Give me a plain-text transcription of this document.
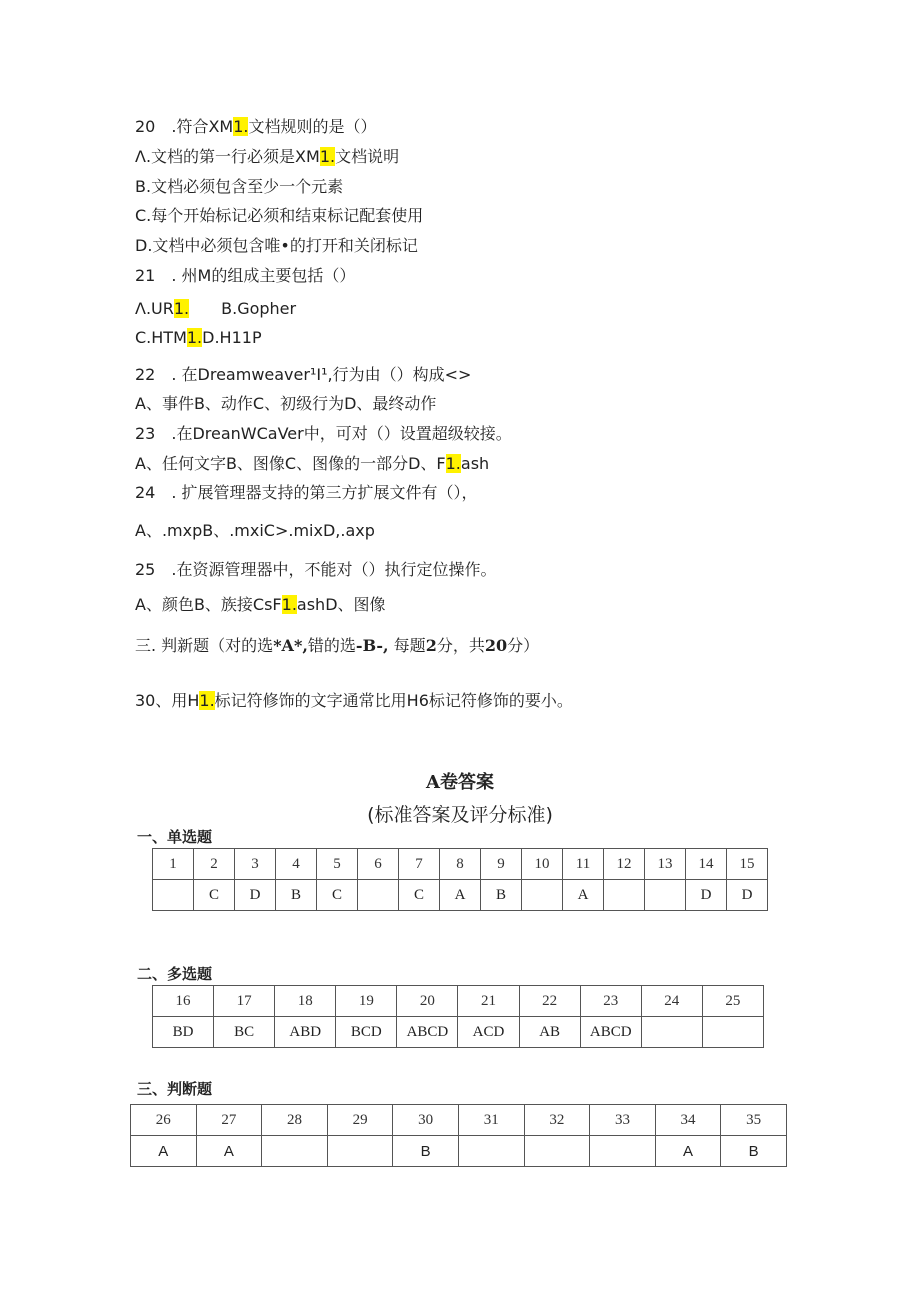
20　.符合XM1.文档规则的是（）
Λ.文档的第一行必须是XM1.文档说明
B.文档必须包含至少一个元素
C.每个开始标记必须和结束标记配套使用
D.文档中必须包含唯•的打开和关闭标记
21　. 州M的组成主要包括（）
Λ.UR1.　　B.Gopher
C.HTM1.D.H11P
22　. 在Dreamweaver¹I¹,行为由（）构成<>
A、事件B、动作C、初级行为D、最终动作
23　.在DreanWCaVer中，可对（）设置超级较接。
A、任何文字B、图像C、图像的一部分D、F1.ash
24　. 扩展管理器支持的第三方扩展文件有（），
A、.mxpB、.mxiC>.mixD,.axp
25　.在资源管理器中，不能对（）执行定位操作。
A、颜色B、族接CsF1.ashD、图像
三. 判新题（对的选*A*,错的选-B-, 每题2分，共20分）
30、用H1.标记符修饰的文字通常比用H6标记符修饰的要小。
A卷答案
(标准答案及评分标准)
一、单选题
1	2	3	4	5	6	7	8	9	10	11	12	13	14	15
	C	D	B	C		C	A	B		A			D	D
二、多选题
16	17	18	19	20	21	22	23	24	25
BD	BC	ABD	BCD	ABCD	ACD	AB	ABCD		
三、判断题
26	27	28	29	30	31	32	33	34	35
A	A			B				A	B
